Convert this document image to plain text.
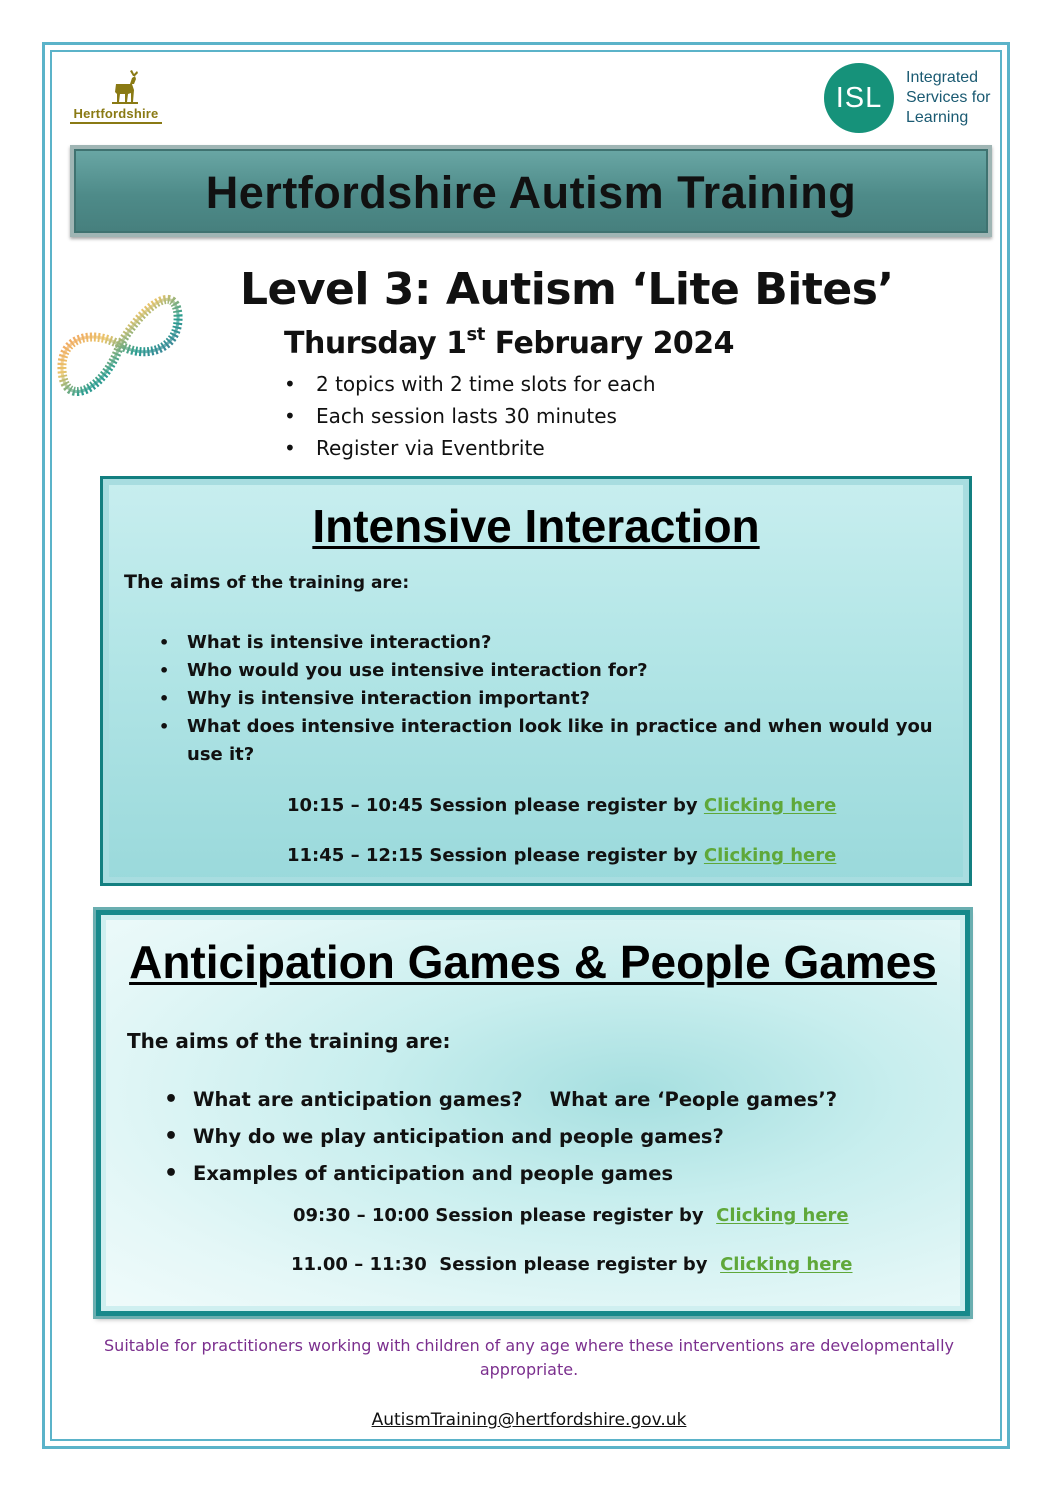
Hertfordshire	ISL
Integrated
Services for
Learning
Hertfordshire Autism Training
Level 3: Autism ‘Lite Bites’
Thursday 1st February 2024
• 2 topics with 2 time slots for each
• Each session lasts 30 minutes
• Register via Eventbrite
Intensive Interaction
The aims of the training are:
• What is intensive interaction?
• Who would you use intensive interaction for?
• Why is intensive interaction important?
• What does intensive interaction look like in practice and when would you use it?
10:15 – 10:45 Session please register by Clicking here
11:45 – 12:15 Session please register by Clicking here
Anticipation Games & People Games
The aims of the training are:
• What are anticipation games?    What are ‘People games’?
• Why do we play anticipation and people games?
• Examples of anticipation and people games
09:30 – 10:00 Session please register by  Clicking here
11.00 – 11:30  Session please register by  Clicking here
Suitable for practitioners working with children of any age where these interventions are developmentally appropriate.
AutismTraining@hertfordshire.gov.uk
